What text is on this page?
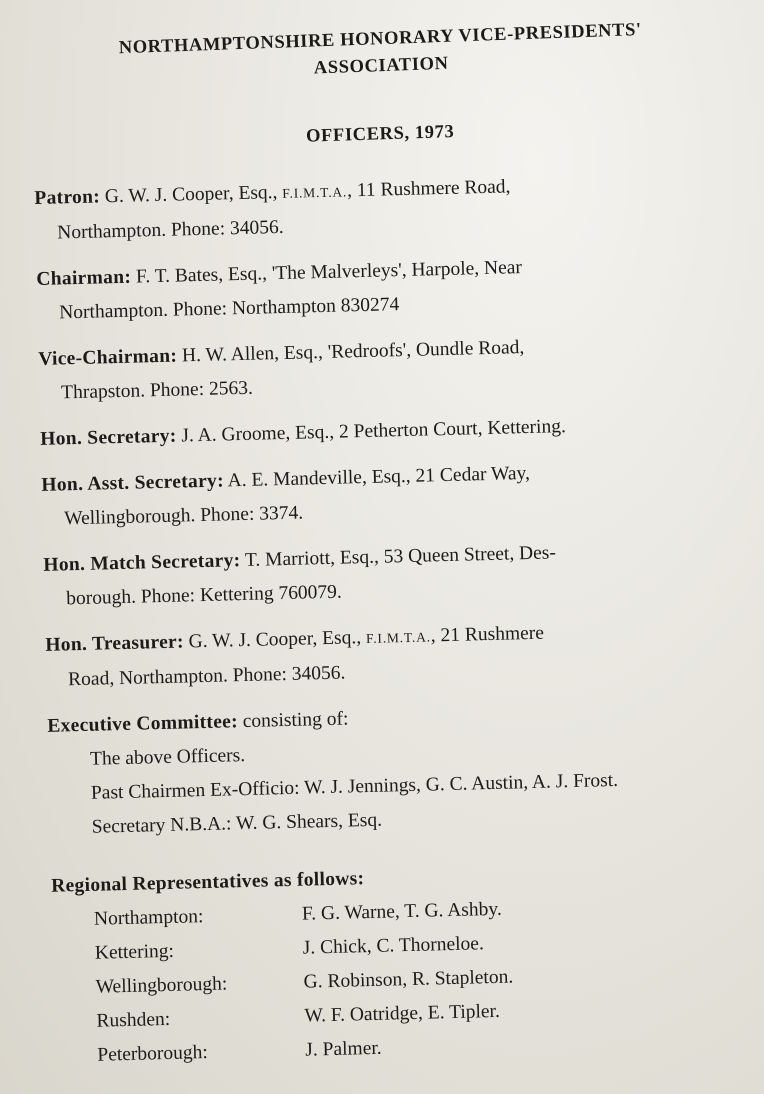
NORTHAMPTONSHIRE HONORARY VICE-PRESIDENTS'
ASSOCIATION
OFFICERS, 1973

Patron: G. W. J. Cooper, Esq., F.I.M.T.A., 11 Rushmere Road,
Northampton. Phone: 34056.

Chairman: F. T. Bates, Esq., 'The Malverleys', Harpole, Near
Northampton. Phone: Northampton 830274

Vice-Chairman: H. W. Allen, Esq., 'Redroofs', Oundle Road,
Thrapston. Phone: 2563.

Hon. Secretary: J. A. Groome, Esq., 2 Petherton Court, Kettering.

Hon. Asst. Secretary: A. E. Mandeville, Esq., 21 Cedar Way,
Wellingborough. Phone: 3374.

Hon. Match Secretary: T. Marriott, Esq., 53 Queen Street, Des-
borough. Phone: Kettering 760079.

Hon. Treasurer: G. W. J. Cooper, Esq., F.I.M.T.A., 21 Rushmere
Road, Northampton. Phone: 34056.

Executive Committee: consisting of:

The above Officers.

Past Chairmen Ex-Officio: W. J. Jennings, G. C. Austin, A. J. Frost.

Secretary N.B.A.: W. G. Shears, Esq.

Regional Representatives as follows:

Northampton:	F. G. Warne, T. G. Ashby.
Kettering:	J. Chick, C. Thorneloe.
Wellingborough:	G. Robinson, R. Stapleton.
Rushden:	W. F. Oatridge, E. Tipler.
Peterborough:	J. Palmer.
